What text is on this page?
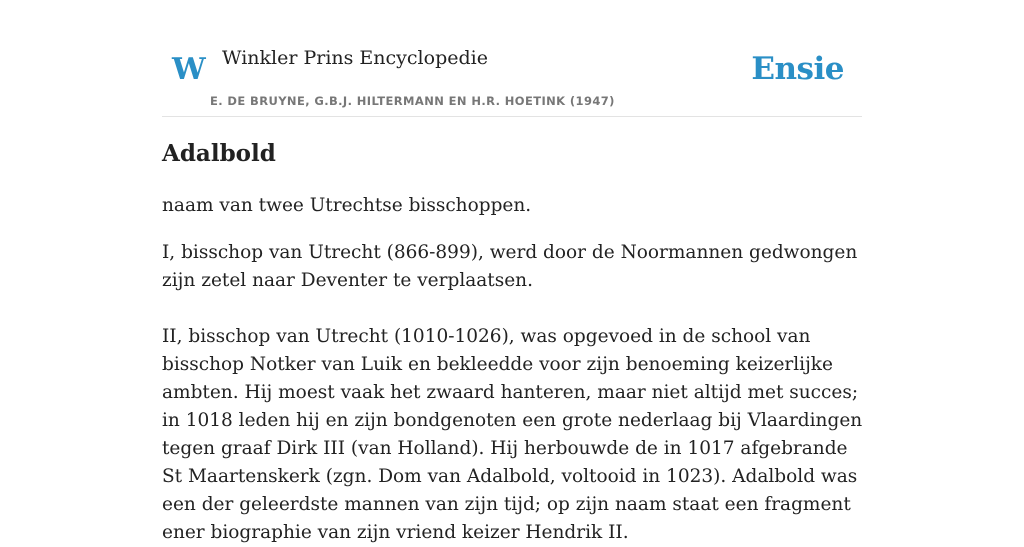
W Winkler Prins Encyclopedie
E. DE BRUYNE, G.B.J. HILTERMANN EN H.R. HOETINK (1947)
Ensie
Adalbold

naam van twee Utrechtse bisschoppen.

I, bisschop van Utrecht (866-899), werd door de Noormannen gedwongen zijn zetel naar Deventer te verplaatsen.

II, bisschop van Utrecht (1010-1026), was opgevoed in de school van bisschop Notker van Luik en bekleedde voor zijn benoeming keizerlijke ambten. Hij moest vaak het zwaard hanteren, maar niet altijd met succes; in 1018 leden hij en zijn bondgenoten een grote nederlaag bij Vlaardingen tegen graaf Dirk III (van Holland). Hij herbouwde de in 1017 afgebrande St Maartenskerk (zgn. Dom van Adalbold, voltooid in 1023). Adalbold was een der geleerdste mannen van zijn tijd; op zijn naam staat een fragment ener biographie van zijn vriend keizer Hendrik II.
